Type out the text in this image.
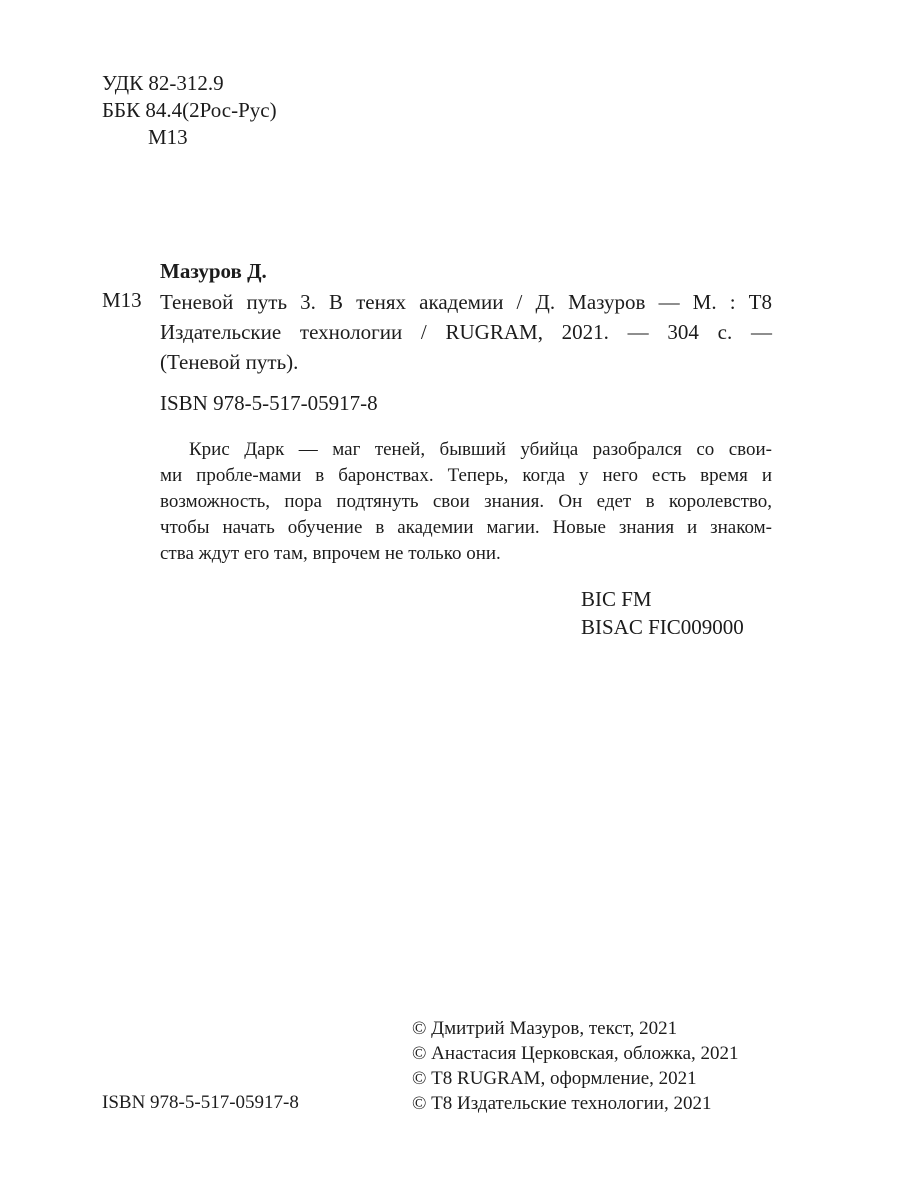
УДК 82-312.9
ББК 84.4(2Рос-Рус)
М13
Мазуров Д.
М13 Теневой путь 3. В тенях академии / Д. Мазуров — М. : Т8
Издательские технологии / RUGRAM, 2021. — 304 с. —
(Теневой путь).
ISBN 978-5-517-05917-8
Крис Дарк — маг теней, бывший убийца разобрался со свои-
ми пробле-мами в баронствах. Теперь, когда у него есть время и
возможность, пора подтянуть свои знания. Он едет в королевство,
чтобы начать обучение в академии магии. Новые знания и знаком-
ства ждут его там, впрочем не только они.
BIC FM
BISAC FIC009000
© Дмитрий Мазуров, текст, 2021
© Анастасия Церковская, обложка, 2021
© Т8 RUGRAM, оформление, 2021
© Т8 Издательские технологии, 2021
ISBN 978-5-517-05917-8
